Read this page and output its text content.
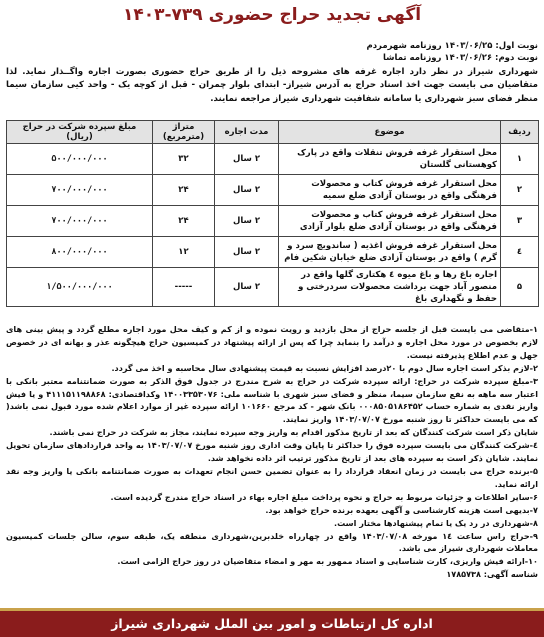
آگهی تجدید حراج حضوری ۷۳۹-۱۴۰۳
نوبت اول: ۱۴۰۳/۰۶/۲۵ روزنامه شهرمردم
نوبت دوم: ۱۴۰۳/۰۶/۲۶ روزنامه تماشا
شهرداری شیراز در نظر دارد اجاره غرفه های مشروحه ذیل را از طریق حراج حضوری بصورت اجاره واگــذار نماید. لذا متقاضیان می بایست جهت اخذ اسناد حراج به آدرس شیراز- ابتدای بلوار چمران - قبل از کوچه یک - واحد کیی سازمان سیما منظر فضای سبز شهرداری یا سامانه شفافیت شهرداری شیراز مراجعه نمایند.
ردیف	موضوع	مدت اجاره	متراژ (مترمربع)	مبلغ سپرده شرکت در حراج (ریال)
۱	محل استقرار غرفه فروش تنقلات واقع در پارک کوهستانی گلستان	۲ سال	۳۲	۵۰۰/۰۰۰/۰۰۰
۲	محل استقرار غرفه فروش کتاب و محصولات فرهنگی واقع در بوستان آزادی ضلع سمیه	۲ سال	۲۴	۷۰۰/۰۰۰/۰۰۰
۳	محل استقرار غرفه فروش کتاب و محصولات فرهنگی واقع در بوستان آزادی ضلع بلوار آزادی	۲ سال	۲۴	۷۰۰/۰۰۰/۰۰۰
٤	محل استقرار غرفه فروش اغذیه ( ساندویچ سرد و گرم ) واقع در بوستان آزادی ضلع خیابان شکین فام	۲ سال	۱۲	۸۰۰/۰۰۰/۰۰۰
۵	اجاره باغ رها و باغ میوه ٤ هکتاری گلها واقع در منصور آباد جهت برداشت محصولات سردرختی و حفظ و نگهداری باغ	۲ سال	-----	۱/۵۰۰/۰۰۰/۰۰۰

۱-متقاضی می بایست قبل از جلسه حراج از محل بازدید و رویت نموده و از کم و کیف محل مورد اجاره مطلع گردد و پیش بینی های لازم بخصوص در مورد محل اجاره و درآمد را بنماید چرا که پس از ارائه پیشنهاد در کمیسیون حراج هیچگونه عذر و بهانه ای در خصوص جهل و عدم اطلاع پذیرفته نیست.

۲-لازم بذکر است اجاره سال دوم با ۲۰درصد افزایش نسبت به قیمت پیشنهادی سال محاسبه و اخذ می گردد.

۳-مبلغ سپرده شرکت در حراج: ارائه سپرده شرکت در حراج به شرح مندرج در جدول فوق الذکر به صورت ضمانتنامه معتبر بانکی با اعتبار سه ماهه به نفع سازمان سیما، منظر و فضای سبز شهری با شناسه ملی: ۱۴۰۰۳۳۵۳۰۷۶ وکداقتصادی: ۴۱۱۱۵۱۱۹۸۸۶۸ و یا فیش واریز نقدی به شماره حساب ۰۰۰۸۵۰۵۱۸۶۴۵۲ بانک شهر - کد مرجع ۱۰۱۶۶۰ ارائه سپرده غیر از موارد اعلام شده مورد قبول نمی باشد( که می بایست حداکثر تا روز شنبه مورخ ۱۴۰۳/۰۷/۰۷ واریز نمایند.

شایان ذکر است شرکت کنندگان که بعد از تاریخ مذکور اقدام به واریز وجه سپرده نمایند، مجاز به شرکت در حراج نمی باشند.

٤-شرکت کنندگان می بایست سپرده فوق را حداکثر تا پایان وقت اداری روز شنبه مورخ ۱۴۰۳/۰۷/۰۷ به واحد قراردادهای سازمان تحویل نمایند. شایان ذکر است به سپرده های بعد از تاریخ مذکور ترتیب اثر داده نخواهد شد.

۵-برنده حراج می بایست در زمان انعقاد قرارداد را به عنوان تضمین حسن انجام تعهدات به صورت ضمانتنامه بانکی یا واریز وجه نقد ارائه نماید.

۶-سایر اطلاعات و جزئیات مربوط به حراج و نحوه پرداخت مبلغ اجاره بهاء در اسناد حراج مندرج گردیده است.

۷-بدیهی است هزینه کارشناسی و آگهی بعهده برنده حراج خواهد بود.

۸-شهرداری در رد یک یا تمام پیشنهادها مختار است.

۹-حراج راس ساعت ١٤ مورخه ۱۴۰۳/۰۷/۰۸ واقع در چهارراه خلدبرین،شهرداری منطقه یک، طبقه سوم، سالن جلسات کمیسیون معاملات شهرداری شیراز می باشد.

۱۰-ارائه فیش واریزی، کارت شناسایی و اسناد ممهور به مهر و امضاء متقاضیان در روز حراج الزامی است.

شناسه آگهی: ۱۷۸۵۷۳۸

اداره کل ارتباطات و امور بین الملل شهرداری شیراز
